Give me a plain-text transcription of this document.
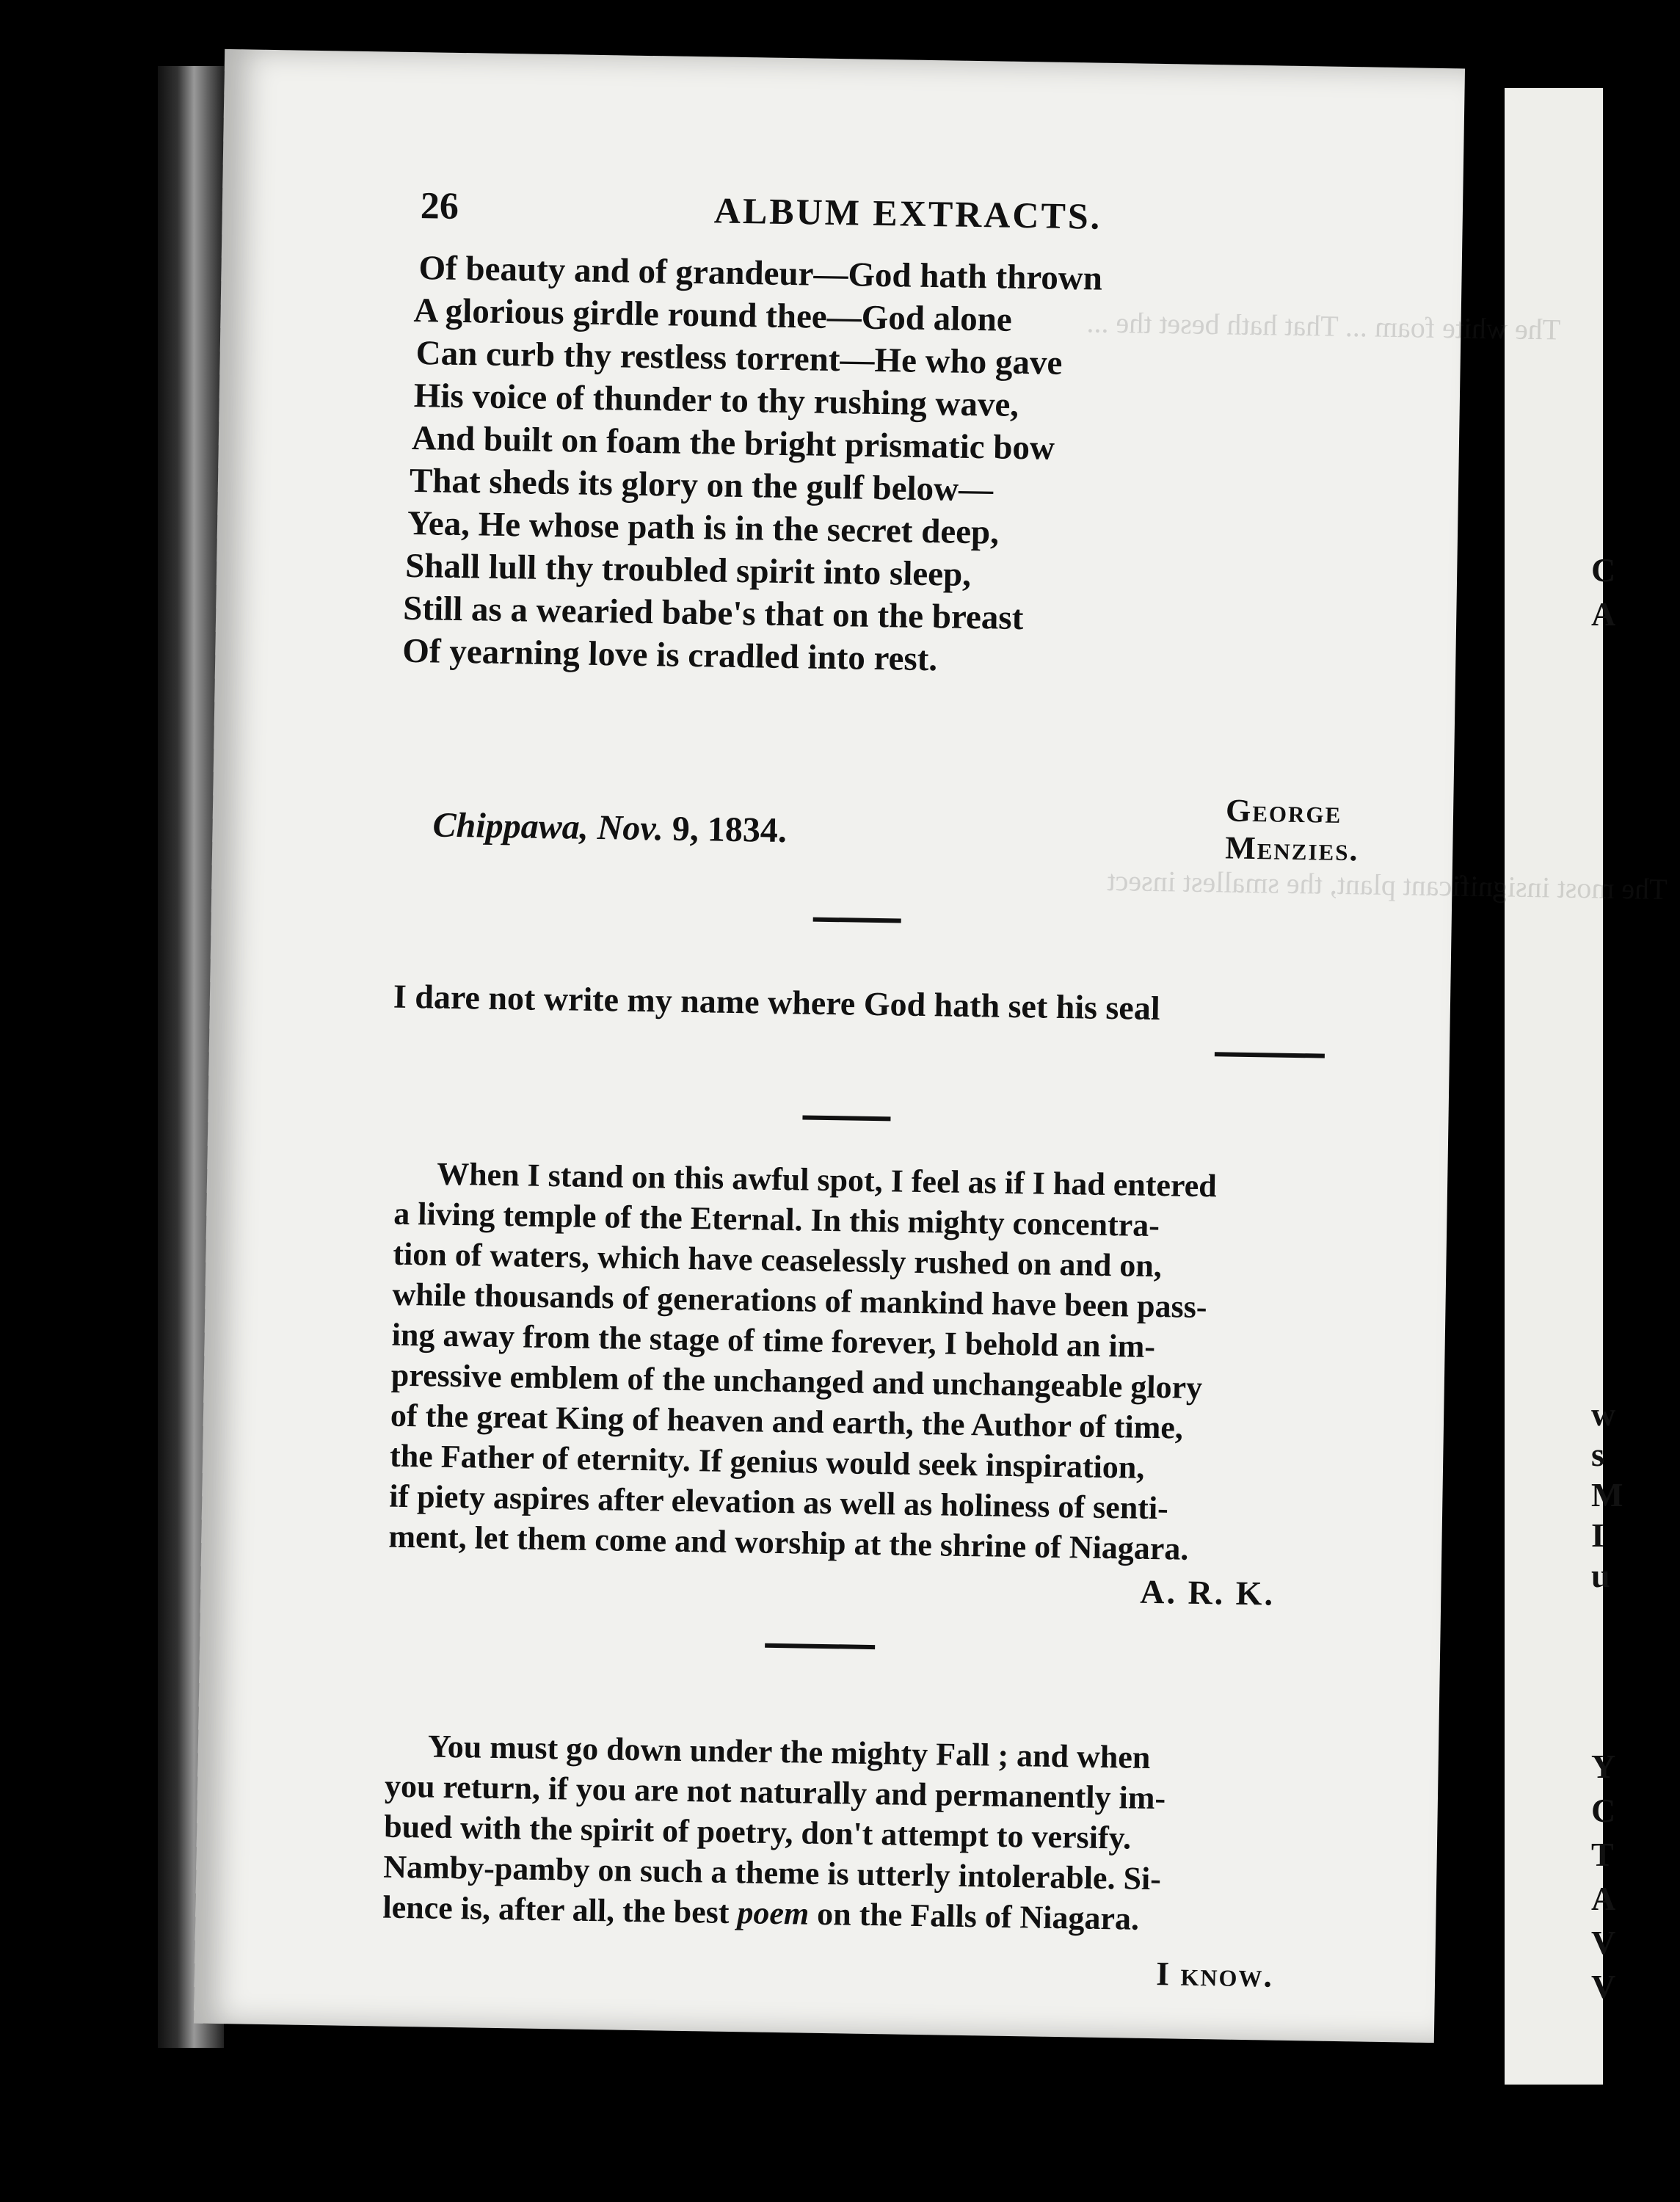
C
A
w
s
M
I
u
Y
C
T
A
V
V
The white foam ... That hath beset the ...
The most insignificant plant, the smallest insect
26	ALBUM EXTRACTS.
Of beauty and of grandeur—God hath thrown
A glorious girdle round thee—God alone
Can curb thy restless torrent—He who gave
His voice of thunder to thy rushing wave,
And built on foam the bright prismatic bow
That sheds its glory on the gulf below—
Yea, He whose path is in the secret deep,
Shall lull thy troubled spirit into sleep,
Still as a wearied babe's that on the breast
Of yearning love is cradled into rest.
George Menzies.
Chippawa, Nov. 9, 1834.
I dare not write my name where God hath set his seal
When I stand on this awful spot, I feel as if I had entered
a living temple of the Eternal. In this mighty concentra-
tion of waters, which have ceaselessly rushed on and on,
while thousands of generations of mankind have been pass-
ing away from the stage of time forever, I behold an im-
pressive emblem of the unchanged and unchangeable glory
of the great King of heaven and earth, the Author of time,
the Father of eternity. If genius would seek inspiration,
if piety aspires after elevation as well as holiness of senti-
ment, let them come and worship at the shrine of Niagara.
A. R. K.
You must go down under the mighty Fall ; and when
you return, if you are not naturally and permanently im-
bued with the spirit of poetry, don't attempt to versify.
Namby-pamby on such a theme is utterly intolerable. Si-
lence is, after all, the best poem on the Falls of Niagara.
I know.
